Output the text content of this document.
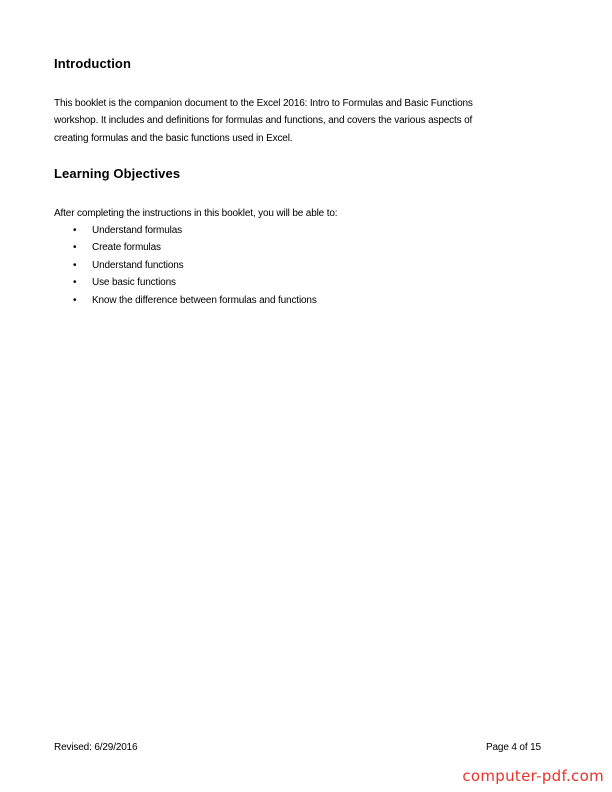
Introduction

This booklet is the companion document to the Excel 2016: Intro to Formulas and Basic Functions
workshop. It includes and definitions for formulas and functions, and covers the various aspects of
creating formulas and the basic functions used in Excel.

Learning Objectives

After completing the instructions in this booklet, you will be able to:

• Understand formulas
• Create formulas
• Understand functions
• Use basic functions
• Know the difference between formulas and functions
Revised: 6/29/2016	Page 4 of 15
computer-pdf.com
